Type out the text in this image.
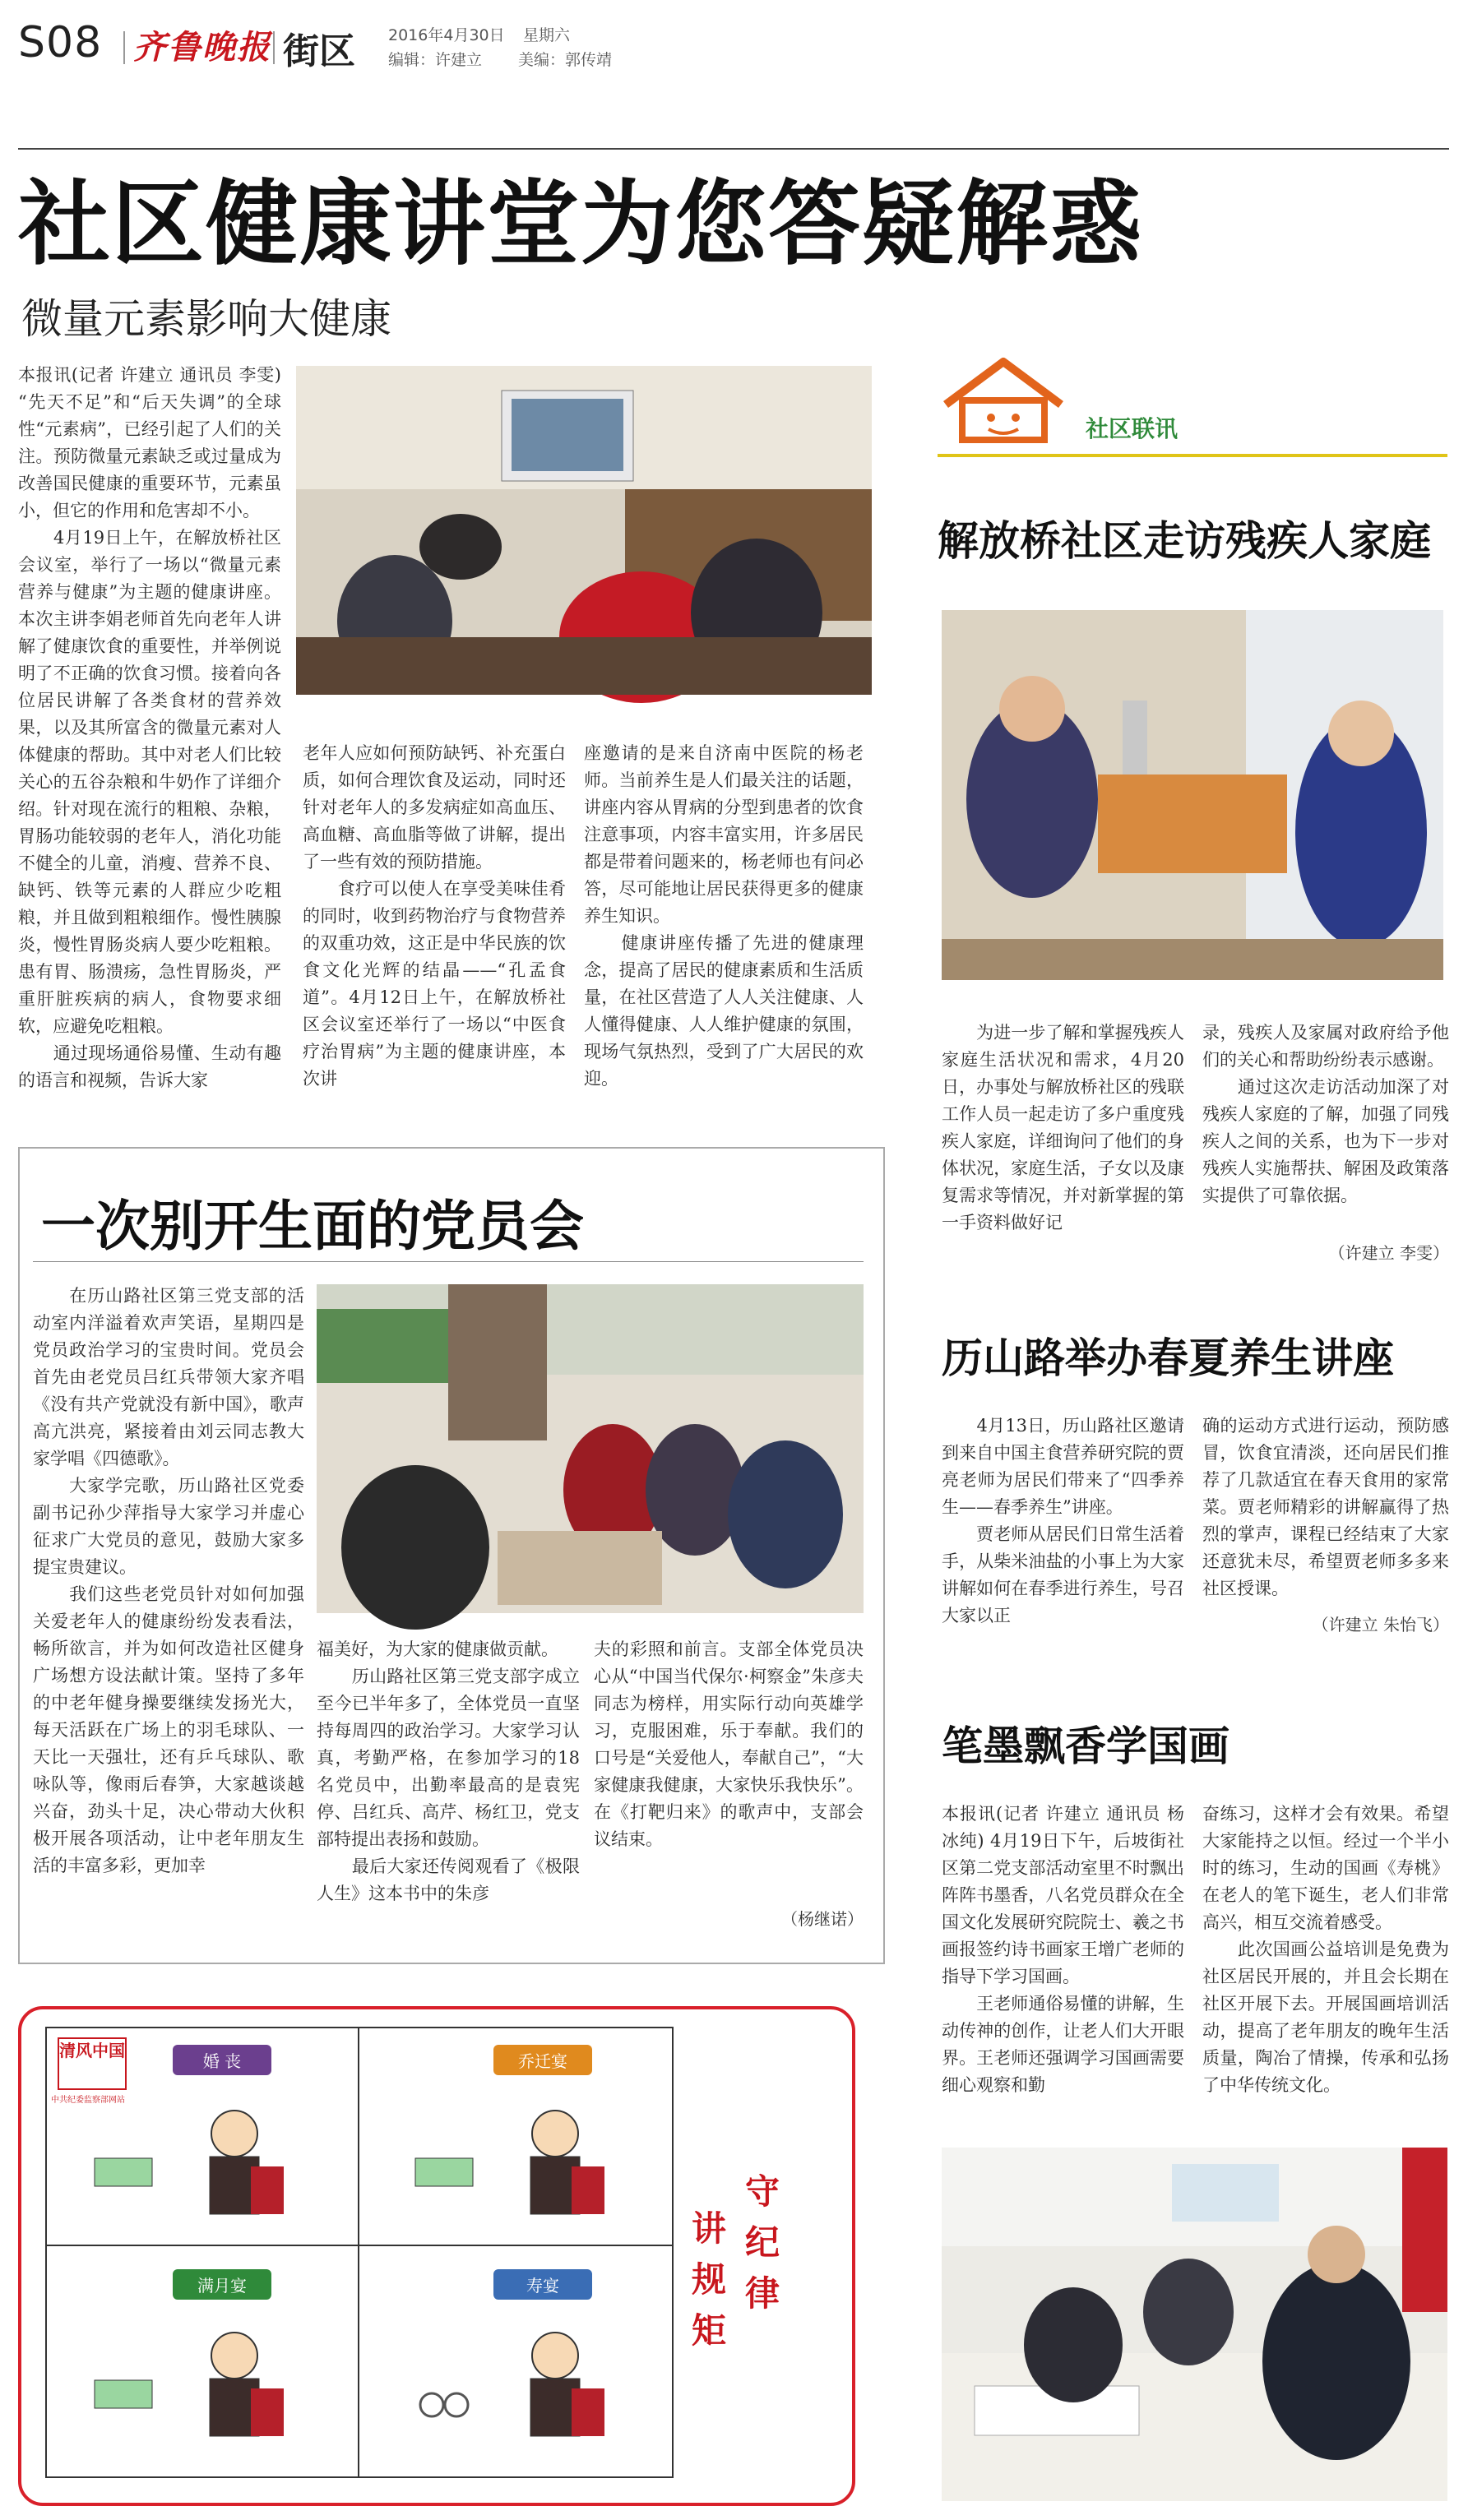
S08 齐鲁晚报 街区 2016年4月30日 星期六
编辑：许建立 美编：郭传靖
社区健康讲堂为您答疑解惑
微量元素影响大健康
本报讯(记者 许建立 通讯员 李雯) “先天不足”和“后天失调”的全球性“元素病”，已经引起了人们的关注。预防微量元素缺乏或过量成为改善国民健康的重要环节，元素虽小，但它的作用和危害却不小。
　　4月19日上午，在解放桥社区会议室，举行了一场以“微量元素营养与健康”为主题的健康讲座。本次主讲李娟老师首先向老年人讲解了健康饮食的重要性，并举例说明了不正确的饮食习惯。接着向各位居民讲解了各类食材的营养效果，以及其所富含的微量元素对人体健康的帮助。其中对老人们比较关心的五谷杂粮和牛奶作了详细介绍。针对现在流行的粗粮、杂粮，胃肠功能较弱的老年人，消化功能不健全的儿童，消瘦、营养不良、缺钙、铁等元素的人群应少吃粗粮，并且做到粗粮细作。慢性胰腺炎，慢性胃肠炎病人要少吃粗粮。患有胃、肠溃疡，急性胃肠炎，严重肝脏疾病的病人，食物要求细软，应避免吃粗粮。
　　通过现场通俗易懂、生动有趣的语言和视频，告诉大家
老年人应如何预防缺钙、补充蛋白质，如何合理饮食及运动，同时还针对老年人的多发病症如高血压、高血糖、高血脂等做了讲解，提出了一些有效的预防措施。
　　食疗可以使人在享受美味佳肴的同时，收到药物治疗与食物营养的双重功效，这正是中华民族的饮食文化光辉的结晶——“孔孟食道”。4月12日上午，在解放桥社区会议室还举行了一场以“中医食疗治胃病”为主题的健康讲座，本次讲
座邀请的是来自济南中医院的杨老师。当前养生是人们最关注的话题，讲座内容从胃病的分型到患者的饮食注意事项，内容丰富实用，许多居民都是带着问题来的，杨老师也有问必答，尽可能地让居民获得更多的健康养生知识。
　　健康讲座传播了先进的健康理念，提高了居民的健康素质和生活质量，在社区营造了人人关注健康、人人懂得健康、人人维护健康的氛围，现场气氛热烈，受到了广大居民的欢迎。
一次别开生面的党员会
　　在历山路社区第三党支部的活动室内洋溢着欢声笑语，星期四是党员政治学习的宝贵时间。党员会首先由老党员吕红兵带领大家齐唱《没有共产党就没有新中国》，歌声高亢洪亮，紧接着由刘云同志教大家学唱《四德歌》。
　　大家学完歌，历山路社区党委副书记孙少萍指导大家学习并虚心征求广大党员的意见，鼓励大家多提宝贵建议。
　　我们这些老党员针对如何加强关爱老年人的健康纷纷发表看法，畅所欲言，并为如何改造社区健身广场想方设法献计策。坚持了多年的中老年健身操要继续发扬光大，每天活跃在广场上的羽毛球队、一天比一天强壮，还有乒乓球队、歌咏队等，像雨后春笋，大家越谈越兴奋，劲头十足，决心带动大伙积极开展各项活动，让中老年朋友生活的丰富多彩，更加幸
福美好，为大家的健康做贡献。
　　历山路社区第三党支部字成立至今已半年多了，全体党员一直坚持每周四的政治学习。大家学习认真，考勤严格，在参加学习的18名党员中，出勤率最高的是袁宪停、吕红兵、高芹、杨红卫，党支部特提出表扬和鼓励。
　　最后大家还传阅观看了《极限人生》这本书中的朱彦
夫的彩照和前言。支部全体党员决心从“中国当代保尔·柯察金”朱彦夫同志为榜样，用实际行动向英雄学习，克服困难，乐于奉献。我们的口号是“关爱他人，奉献自己”，“大家健康我健康，大家快乐我快乐”。在《打靶归来》的歌声中，支部会议结束。
（杨继诺）
清风中国
中共纪委监察部网站
婚 丧	乔迁宴
满月宴	寿宴
讲规矩
守纪律
社区联讯
解放桥社区走访残疾人家庭
　　为进一步了解和掌握残疾人家庭生活状况和需求，4月20日，办事处与解放桥社区的残联工作人员一起走访了多户重度残疾人家庭，详细询问了他们的身体状况，家庭生活，子女以及康复需求等情况，并对新掌握的第一手资料做好记
录，残疾人及家属对政府给予他们的关心和帮助纷纷表示感谢。
　　通过这次走访活动加深了对残疾人家庭的了解，加强了同残疾人之间的关系，也为下一步对残疾人实施帮扶、解困及政策落实提供了可靠依据。
（许建立 李雯）
历山路举办春夏养生讲座
　　4月13日，历山路社区邀请到来自中国主食营养研究院的贾亮老师为居民们带来了“四季养生——春季养生”讲座。
　　贾老师从居民们日常生活着手，从柴米油盐的小事上为大家讲解如何在春季进行养生，号召大家以正
确的运动方式进行运动，预防感冒，饮食宜清淡，还向居民们推荐了几款适宜在春天食用的家常菜。贾老师精彩的讲解赢得了热烈的掌声，课程已经结束了大家还意犹未尽，希望贾老师多多来社区授课。
（许建立 朱怡飞）
笔墨飘香学国画
本报讯(记者 许建立 通讯员 杨冰纯) 4月19日下午，后坡街社区第二党支部活动室里不时飘出阵阵书墨香，八名党员群众在全国文化发展研究院院士、羲之书画报签约诗书画家王增广老师的指导下学习国画。
　　王老师通俗易懂的讲解，生动传神的创作，让老人们大开眼界。王老师还强调学习国画需要细心观察和勤
奋练习，这样才会有效果。希望大家能持之以恒。经过一个半小时的练习，生动的国画《寿桃》在老人的笔下诞生，老人们非常高兴，相互交流着感受。
　　此次国画公益培训是免费为社区居民开展的，并且会长期在社区开展下去。开展国画培训活动，提高了老年朋友的晚年生活质量，陶冶了情操，传承和弘扬了中华传统文化。
